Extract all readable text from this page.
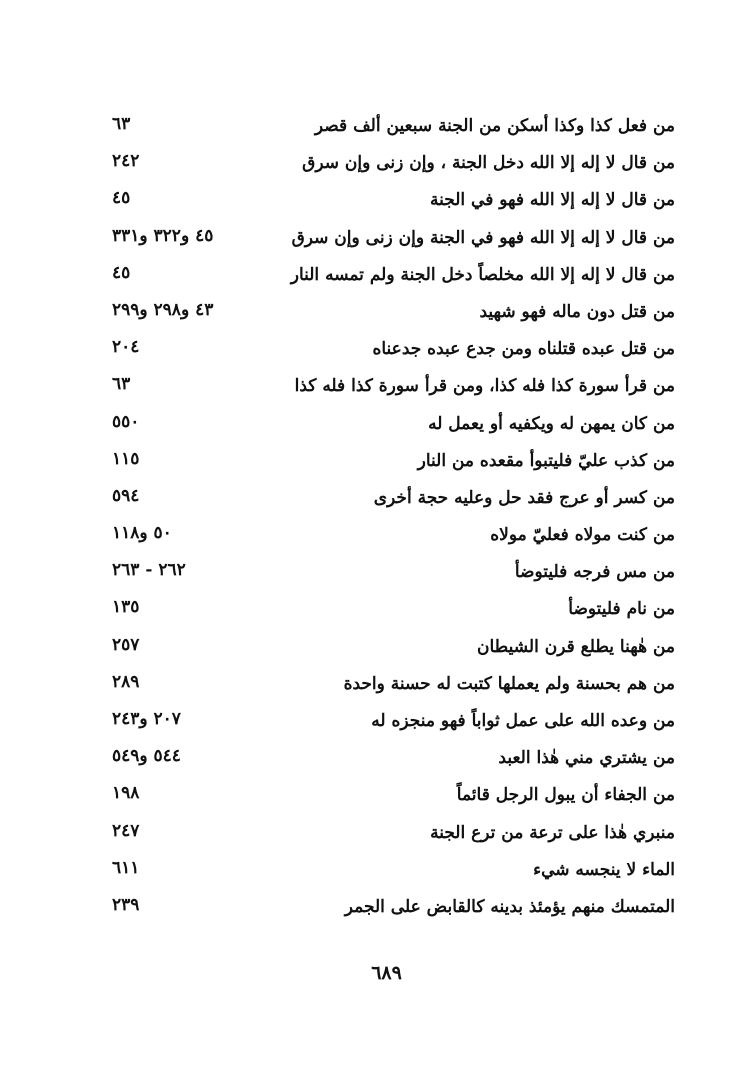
من فعل كذا وكذا أسكن من الجنة سبعين ألف قصر
٦٣
من قال لا إله إلا الله دخل الجنة ، وإن زنى وإن سرق
٢٤٢
من قال لا إله إلا الله فهو في الجنة
٤٥
من قال لا إله إلا الله فهو في الجنة وإن زنى وإن سرق
٤٥ و٣٢٢ و٣٣١
من قال لا إله إلا الله مخلصاً دخل الجنة ولم تمسه النار
٤٥
من قتل دون ماله فهو شهيد
٤٣ و٢٩٨ و٢٩٩
من قتل عبده قتلناه ومن جدع عبده جدعناه
٢٠٤
من قرأ سورة كذا فله كذا، ومن قرأ سورة كذا فله كذا
٦٣
من كان يمهن له ويكفيه أو يعمل له
٥٥٠
من كذب عليّ فليتبوأ مقعده من النار
١١٥
من كسر أو عرج فقد حل وعليه حجة أخرى
٥٩٤
من كنت مولاه فعليّ مولاه
٥٠ و١١٨
من مس فرجه فليتوضأ
٢٦٢ - ٢٦٣
من نام فليتوضأ
١٣٥
من هٰهنا يطلع قرن الشيطان
٢٥٧
من هم بحسنة ولم يعملها كتبت له حسنة واحدة
٢٨٩
من وعده الله على عمل ثواباً فهو منجزه له
٢٠٧ و٢٤٣
من يشتري مني هٰذا العبد
٥٤٤ و٥٤٩
من الجفاء أن يبول الرجل قائماً
١٩٨
منبري هٰذا على ترعة من ترع الجنة
٢٤٧
الماء لا ينجسه شيء
٦١١
المتمسك منهم يؤمئذ بدينه كالقابض على الجمر
٢٣٩
٦٨٩
